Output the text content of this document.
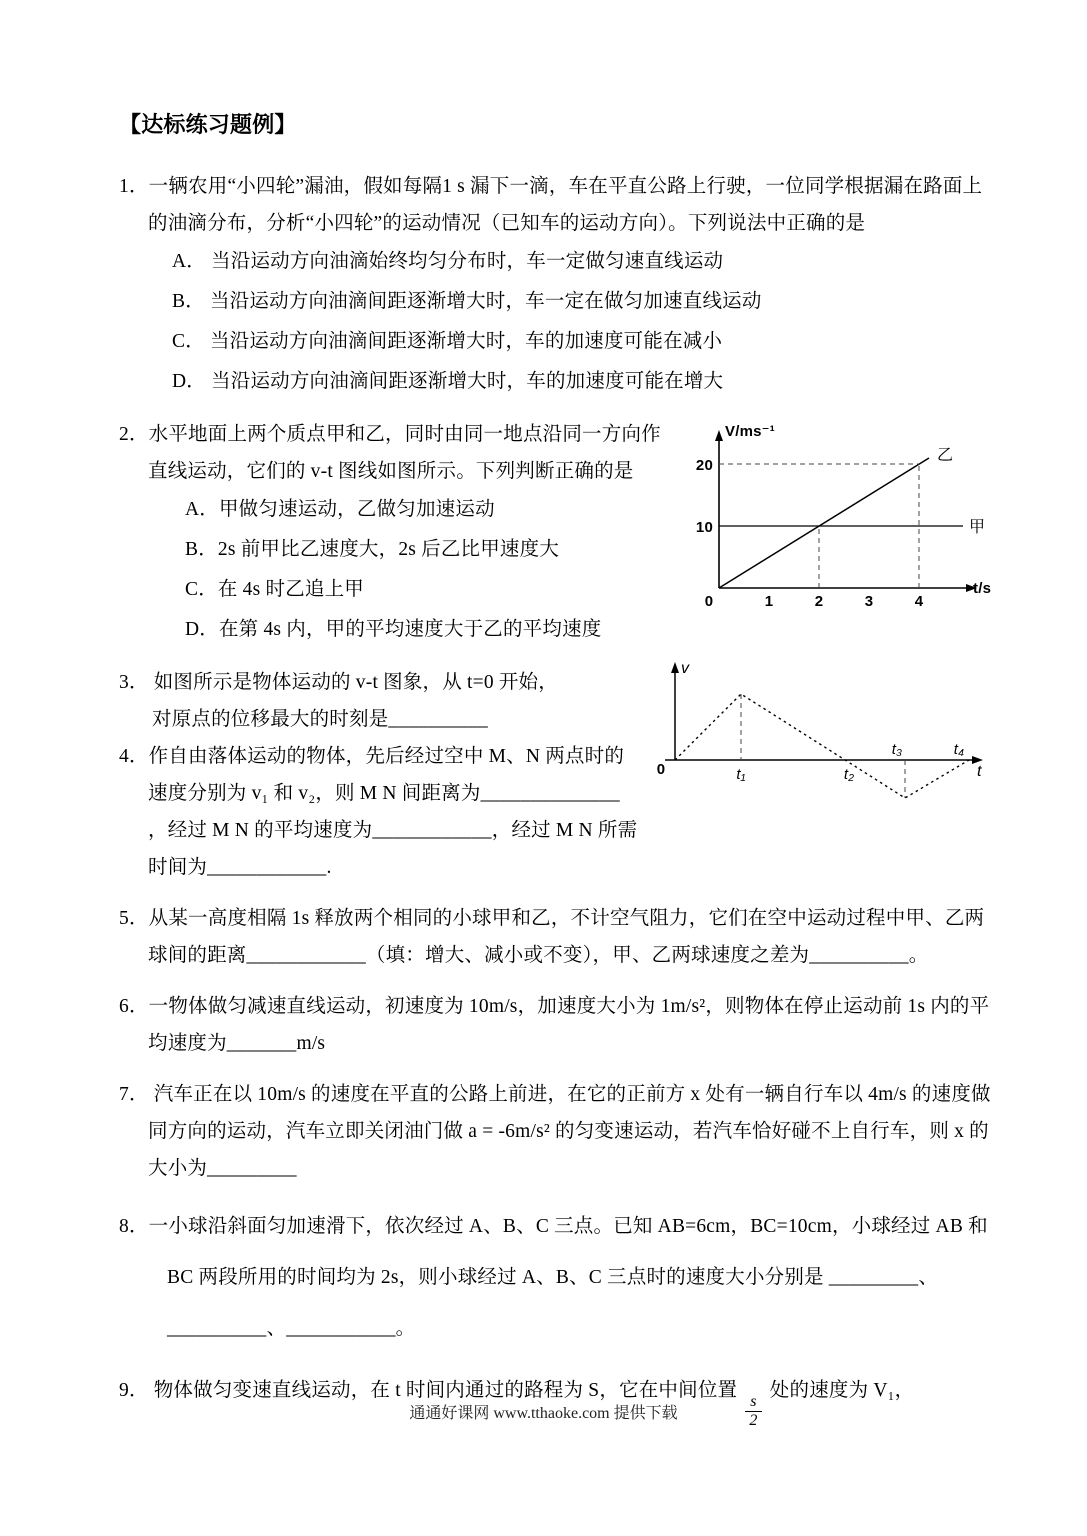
【达标练习题例】

1．一辆农用“小四轮”漏油，假如每隔1 s 漏下一滴，车在平直公路上行驶，一位同学根据漏在路面上的油滴分布，分析“小四轮”的运动情况（已知车的运动方向）。下列说法中正确的是

A． 当沿运动方向油滴始终均匀分布时，车一定做匀速直线运动

B． 当沿运动方向油滴间距逐渐增大时，车一定在做匀加速直线运动

C． 当沿运动方向油滴间距逐渐增大时，车的加速度可能在减小

D． 当沿运动方向油滴间距逐渐增大时，车的加速度可能在增大

V/ms⁻¹
20
10
0	1	2	3	4
t/s
乙
甲

2．水平地面上两个质点甲和乙，同时由同一地点沿同一方向作直线运动，它们的 v-t 图线如图所示。下列判断正确的是

A．甲做匀速运动，乙做匀加速运动

B．2s 前甲比乙速度大，2s 后乙比甲速度大

C．在 4s 时乙追上甲

D．在第 4s 内，甲的平均速度大于乙的平均速度

v
0	t₁	t₂
t₃	t₄
t

3． 如图所示是物体运动的 v-t 图象，从 t=0 开始，

对原点的位移最大的时刻是__________

4．作自由落体运动的物体，先后经过空中 M、N 两点时的速度分别为 v₁ 和 v₂，则 M N 间距离为______________ ，经过 M N 的平均速度为____________，经过 M N 所需时间为____________.

5．从某一高度相隔 1s 释放两个相同的小球甲和乙，不计空气阻力，它们在空中运动过程中甲、乙两球间的距离____________（填：增大、减小或不变），甲、乙两球速度之差为__________。

6．一物体做匀减速直线运动，初速度为 10m/s，加速度大小为 1m/s²，则物体在停止运动前 1s 内的平均速度为_______m/s

7． 汽车正在以 10m/s 的速度在平直的公路上前进，在它的正前方 x 处有一辆自行车以 4m/s 的速度做同方向的运动，汽车立即关闭油门做 a = -6m/s² 的匀变速运动，若汽车恰好碰不上自行车，则 x 的大小为_________

8．一小球沿斜面匀加速滑下，依次经过 A、B、C 三点。已知 AB=6cm，BC=10cm，小球经过 AB 和 BC 两段所用的时间均为 2s，则小球经过 A、B、C 三点时的速度大小分别是 _________、__________、___________。

9． 物体做匀变速直线运动，在 t 时间内通过的路程为 S，它在中间位置
$\frac{s}{2}$
处的速度为 V₁，

通通好课网 www.tthaoke.com 提供下载
